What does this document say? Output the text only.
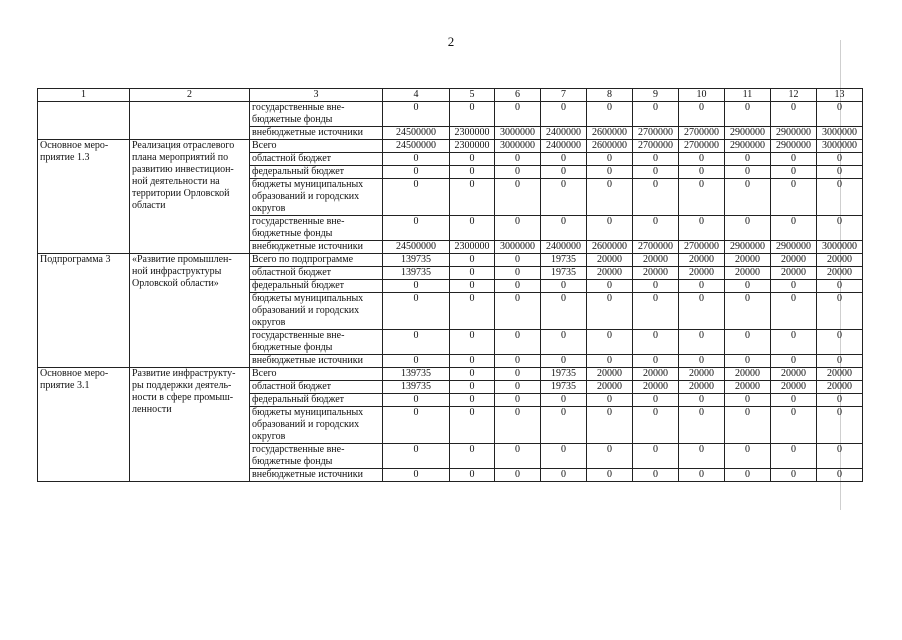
2
1	2	3	4	5	6	7	8	9	10	11	12	13
		государственные вне-бюджетные фонды	0	0	0	0	0	0	0	0	0	0
		внебюджетные источники	24500000	2300000	3000000	2400000	2600000	2700000	2700000	2900000	2900000	3000000
Основное меро-приятие 1.3	Реализация отраслевого плана мероприятий по развитию инвестицион-ной деятельности на территории Орловской области	Всего	24500000	2300000	3000000	2400000	2600000	2700000	2700000	2900000	2900000	3000000
		областной бюджет	0	0	0	0	0	0	0	0	0	0
		федеральный бюджет	0	0	0	0	0	0	0	0	0	0
		бюджеты муниципальных образований и городских округов	0	0	0	0	0	0	0	0	0	0
		государственные вне-бюджетные фонды	0	0	0	0	0	0	0	0	0	0
		внебюджетные источники	24500000	2300000	3000000	2400000	2600000	2700000	2700000	2900000	2900000	3000000
Подпрограмма 3	«Развитие промышлен-ной инфраструктуры Орловской области»	Всего по подпрограмме	139735	0	0	19735	20000	20000	20000	20000	20000	20000
		областной бюджет	139735	0	0	19735	20000	20000	20000	20000	20000	20000
		федеральный бюджет	0	0	0	0	0	0	0	0	0	0
		бюджеты муниципальных образований и городских округов	0	0	0	0	0	0	0	0	0	0
		государственные вне-бюджетные фонды	0	0	0	0	0	0	0	0	0	0
		внебюджетные источники	0	0	0	0	0	0	0	0	0	0
Основное меро-приятие 3.1	Развитие инфраструкту-ры поддержки деятель-ности в сфере промыш-ленности	Всего	139735	0	0	19735	20000	20000	20000	20000	20000	20000
		областной бюджет	139735	0	0	19735	20000	20000	20000	20000	20000	20000
		федеральный бюджет	0	0	0	0	0	0	0	0	0	0
		бюджеты муниципальных образований и городских округов	0	0	0	0	0	0	0	0	0	0
		государственные вне-бюджетные фонды	0	0	0	0	0	0	0	0	0	0
		внебюджетные источники	0	0	0	0	0	0	0	0	0	0
